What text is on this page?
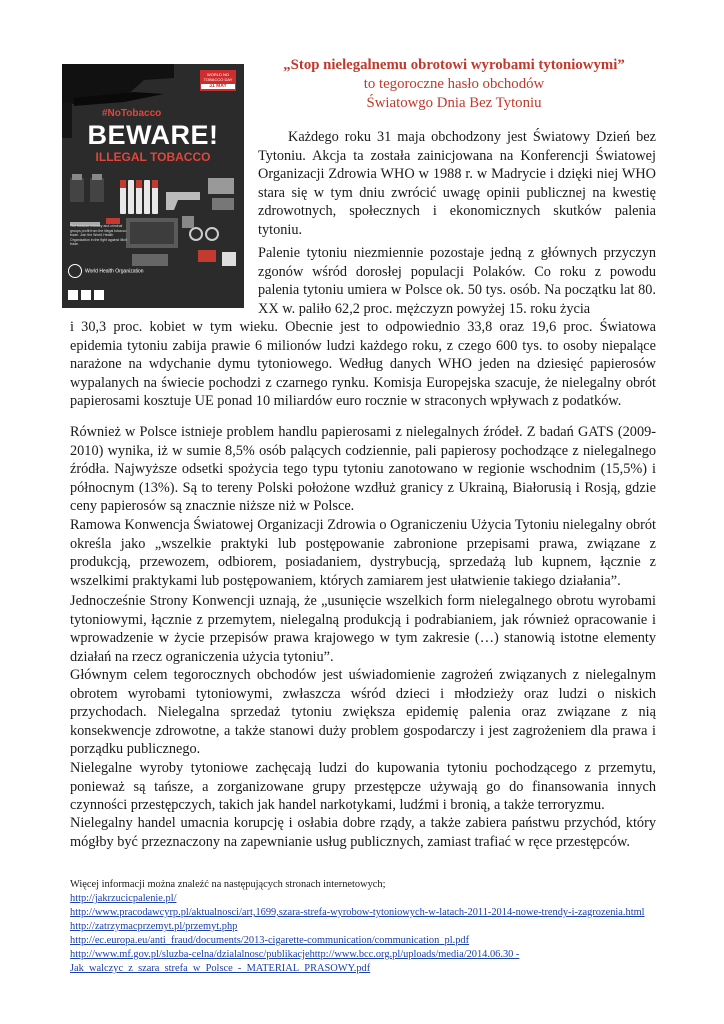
WORLD NO TOBACCO DAY
31 MAY
#NoTobacco
BEWARE!
ILLEGAL TOBACCO
The tobacco industry and criminal groups profit from the illegal tobacco trade. Join the World Health Organization in the fight against illicit trade.
World Health Organization
„Stop nielegalnemu obrotowi wyrobami tytoniowymi”
to tegoroczne hasło obchodów
Światowgo Dnia Bez Tytoniu

Każdego roku 31 maja obchodzony jest Światowy Dzień bez Tytoniu. Akcja ta została zainicjowana na Konferencji Światowej Organizacji Zdrowia WHO w 1988 r. w Madrycie i dzięki niej WHO stara się w tym dniu zwrócić uwagę opinii publicznej na kwestię zdrowotnych, społecznych i ekonomicznych skutków palenia tytoniu.

Palenie tytoniu niezmiennie pozostaje jedną z głównych przyczyn zgonów wśród dorosłej populacji Polaków. Co roku z powodu palenia tytoniu umiera w Polsce ok. 50 tys. osób. Na początku lat 80. XX w. paliło 62,2 proc. mężczyzn powyżej 15. roku życia

i 30,3 proc. kobiet w tym wieku. Obecnie jest to odpowiednio 33,8 oraz 19,6 proc. Światowa epidemia tytoniu zabija prawie 6 milionów ludzi każdego roku, z czego 600 tys. to osoby niepalące narażone na wdychanie dymu tytoniowego. Według danych WHO jeden na dziesięć papierosów wypalanych na świecie pochodzi z czarnego rynku. Komisja Europejska szacuje, że nielegalny obrót papierosami kosztuje UE ponad 10 miliardów euro rocznie w straconych wpływach z podatków.

Również w Polsce istnieje problem handlu papierosami z nielegalnych źródeł. Z badań GATS (2009-2010) wynika, iż w sumie 8,5% osób palących codziennie, pali papierosy pochodzące z nielegalnego źródła. Najwyższe odsetki spożycia tego typu tytoniu zanotowano w regionie wschodnim (15,5%) i północnym (13%). Są to tereny Polski położone wzdłuż granicy z Ukrainą, Białorusią i Rosją, gdzie ceny papierosów są znacznie niższe niż w Polsce.

Ramowa Konwencja Światowej Organizacji Zdrowia o Ograniczeniu Użycia Tytoniu nielegalny obrót określa jako „wszelkie praktyki lub postępowanie zabronione przepisami prawa, związane z produkcją, przewozem, odbiorem, posiadaniem, dystrybucją, sprzedażą lub kupnem, łącznie z wszelkimi praktykami lub postępowaniem, których zamiarem jest ułatwienie takiego działania”.

Jednocześnie Strony Konwencji uznają, że „usunięcie wszelkich form nielegalnego obrotu wyrobami tytoniowymi, łącznie z przemytem, nielegalną produkcją i podrabianiem, jak również opracowanie i wprowadzenie w życie przepisów prawa krajowego w tym zakresie (…) stanowią istotne elementy działań na rzecz ograniczenia użycia tytoniu”.

Głównym celem tegorocznych obchodów jest uświadomienie zagrożeń związanych z nielegalnym obrotem wyrobami tytoniowymi, zwłaszcza wśród dzieci i młodzieży oraz ludzi o niskich przychodach. Nielegalna sprzedaż tytoniu zwiększa epidemię palenia oraz związane z nią konsekwencje zdrowotne, a także stanowi duży problem gospodarczy i jest zagrożeniem dla prawa i porządku publicznego.

Nielegalne wyroby tytoniowe zachęcają ludzi do kupowania tytoniu pochodzącego z przemytu, ponieważ są tańsze, a zorganizowane grupy przestępcze używają go do finansowania innych czynności przestępczych, takich jak handel narkotykami, ludźmi i bronią, a także terroryzmu.

Nielegalny handel umacnia korupcję i osłabia dobre rządy, a także zabiera państwu przychód, który mógłby być przeznaczony na zapewnianie usług publicznych, zamiast trafiać w ręce przestępców.

Więcej informacji można znaleźć na następujących stronach internetowych;
http://jakrzucicpalenie.pl/
http://www.pracodawcyrp.pl/aktualnosci/art,1699,szara-strefa-wyrobow-tytoniowych-w-latach-2011-2014-nowe-trendy-i-zagrozenia.html
http://zatrzymacprzemyt.pl/przemyt.php
http://ec.europa.eu/anti_fraud/documents/2013-cigarette-communication/communication_pl.pdf
http://www.mf.gov.pl/sluzba-celna/dzialalnosc/publikacjehttp://www.bcc.org.pl/uploads/media/2014.06.30 -Jak_walczyc_z_szara_strefa_w_Polsce_-_MATERIAL_PRASOWY.pdf
